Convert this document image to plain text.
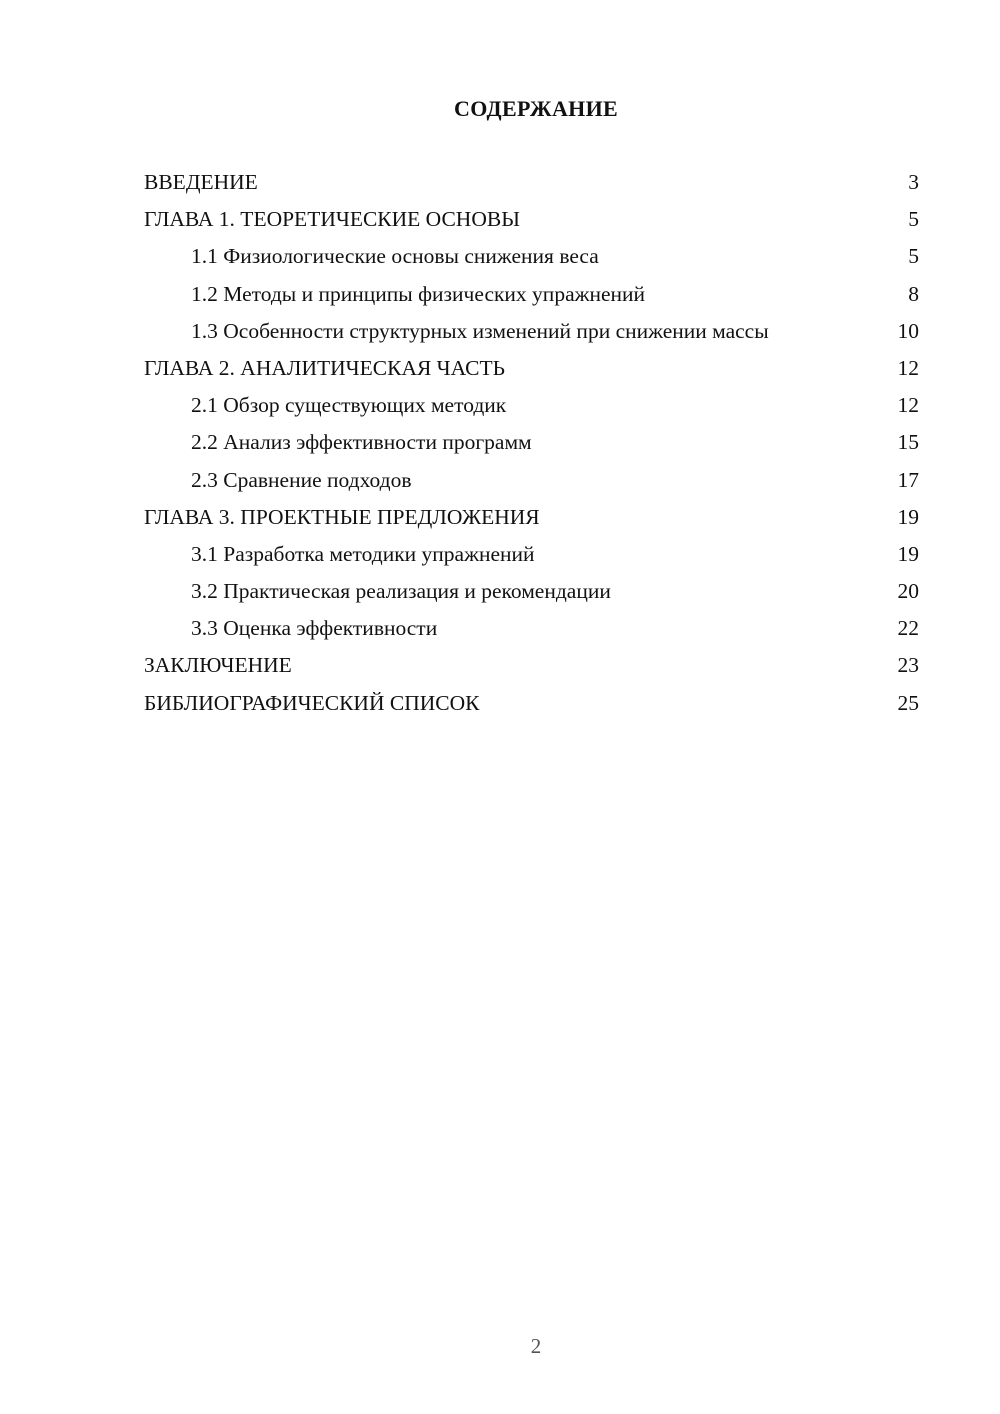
СОДЕРЖАНИЕ
ВВЕДЕНИЕ	3
ГЛАВА 1. ТЕОРЕТИЧЕСКИЕ ОСНОВЫ	5
1.1 Физиологические основы снижения веса	5
1.2 Методы и принципы физических упражнений	8
1.3 Особенности структурных изменений при снижении массы	10
ГЛАВА 2. АНАЛИТИЧЕСКАЯ ЧАСТЬ	12
2.1 Обзор существующих методик	12
2.2 Анализ эффективности программ	15
2.3 Сравнение подходов	17
ГЛАВА 3. ПРОЕКТНЫЕ ПРЕДЛОЖЕНИЯ	19
3.1 Разработка методики упражнений	19
3.2 Практическая реализация и рекомендации	20
3.3 Оценка эффективности	22
ЗАКЛЮЧЕНИЕ	23
БИБЛИОГРАФИЧЕСКИЙ СПИСОК	25
2
